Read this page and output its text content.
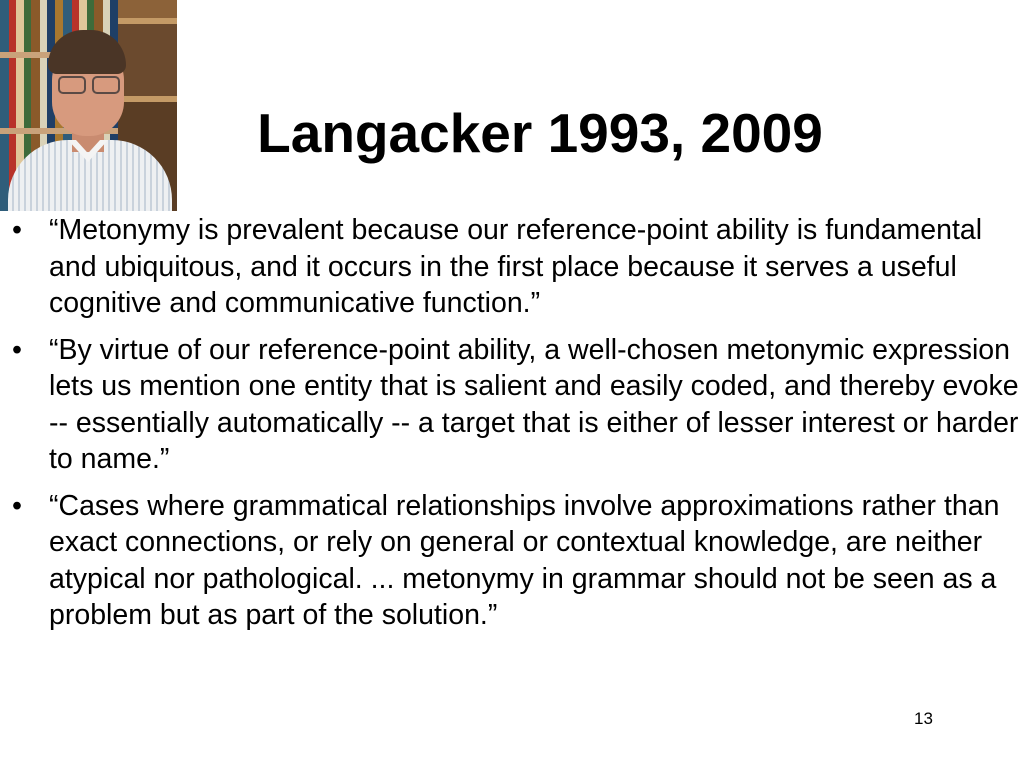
Langacker 1993, 2009
• “Metonymy is prevalent because our reference-point ability is fundamental and ubiquitous, and it occurs in the first place because it serves a useful cognitive and communicative function.”
• “By virtue of our reference-point ability, a well-chosen metonymic expression lets us mention one entity that is salient and easily coded, and thereby evoke -- essentially automatically -- a target that is either of lesser interest or harder to name.”
• “Cases where grammatical relationships involve approximations rather than exact connections, or rely on general or contextual knowledge, are neither atypical nor pathological. ... metonymy in grammar should not be seen as a problem but as part of the solution.”
13
